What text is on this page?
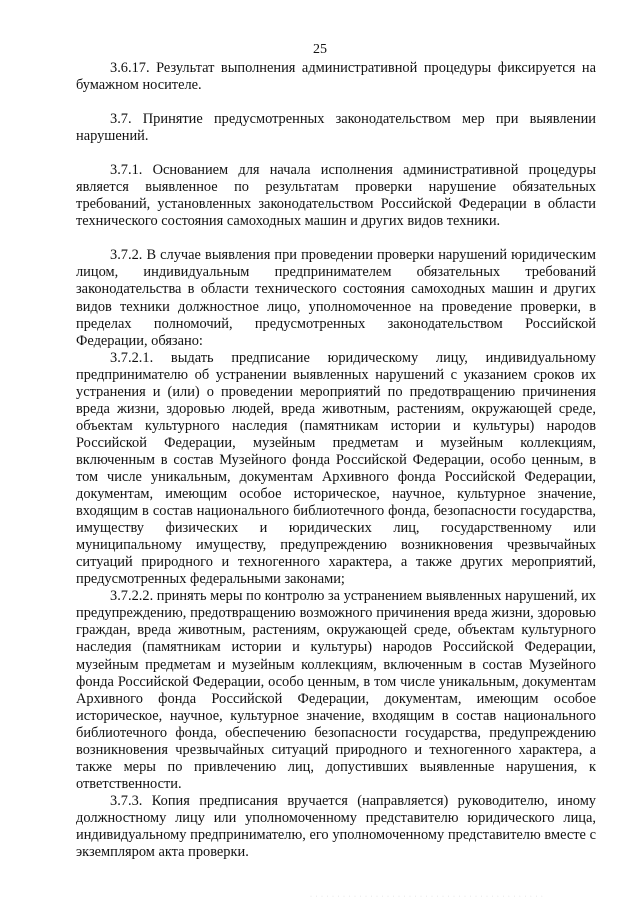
25

3.6.17. Результат выполнения административной процедуры фиксируется на бумажном носителе.

3.7. Принятие предусмотренных законодательством мер при выявлении нарушений.

3.7.1. Основанием для начала исполнения административной процедуры является выявленное по результатам проверки нарушение обязательных требований, установленных законодательством Российской Федерации в области технического состояния самоходных машин и других видов техники.

3.7.2. В случае выявления при проведении проверки нарушений юридическим лицом, индивидуальным предпринимателем обязательных требований законодательства в области технического состояния самоходных машин и других видов техники должностное лицо, уполномоченное на проведение проверки, в пределах полномочий, предусмотренных законодательством Российской Федерации, обязано:

3.7.2.1. выдать предписание юридическому лицу, индивидуальному предпринимателю об устранении выявленных нарушений с указанием сроков их устранения и (или) о проведении мероприятий по предотвращению причинения вреда жизни, здоровью людей, вреда животным, растениям, окружающей среде, объектам культурного наследия (памятникам истории и культуры) народов Российской Федерации, музейным предметам и музейным коллекциям, включенным в состав Музейного фонда Российской Федерации, особо ценным, в том числе уникальным, документам Архивного фонда Российской Федерации, документам, имеющим особое историческое, научное, культурное значение, входящим в состав национального библиотечного фонда, безопасности государства, имуществу физических и юридических лиц, государственному или муниципальному имуществу, предупреждению возникновения чрезвычайных ситуаций природного и техногенного характера, а также других мероприятий, предусмотренных федеральными законами;

3.7.2.2. принять меры по контролю за устранением выявленных нарушений, их предупреждению, предотвращению возможного причинения вреда жизни, здоровью граждан, вреда животным, растениям, окружающей среде, объектам культурного наследия (памятникам истории и культуры) народов Российской Федерации, музейным предметам и музейным коллекциям, включенным в состав Музейного фонда Российской Федерации, особо ценным, в том числе уникальным, документам Архивного фонда Российской Федерации, документам, имеющим особое историческое, научное, культурное значение, входящим в состав национального библиотечного фонда, обеспечению безопасности государства, предупреждению возникновения чрезвычайных ситуаций природного и техногенного характера, а также меры по привлечению лиц, допустивших выявленные нарушения, к ответственности.

3.7.3. Копия предписания вручается (направляется) руководителю, иному должностному лицу или уполномоченному представителю юридического лица, индивидуальному предпринимателю, его уполномоченному представителю вместе с экземпляром акта проверки.

· · · · · · · · · · · · · · · · · · · · · · · · · · · · · · · · · · · · · · · · · · ·
